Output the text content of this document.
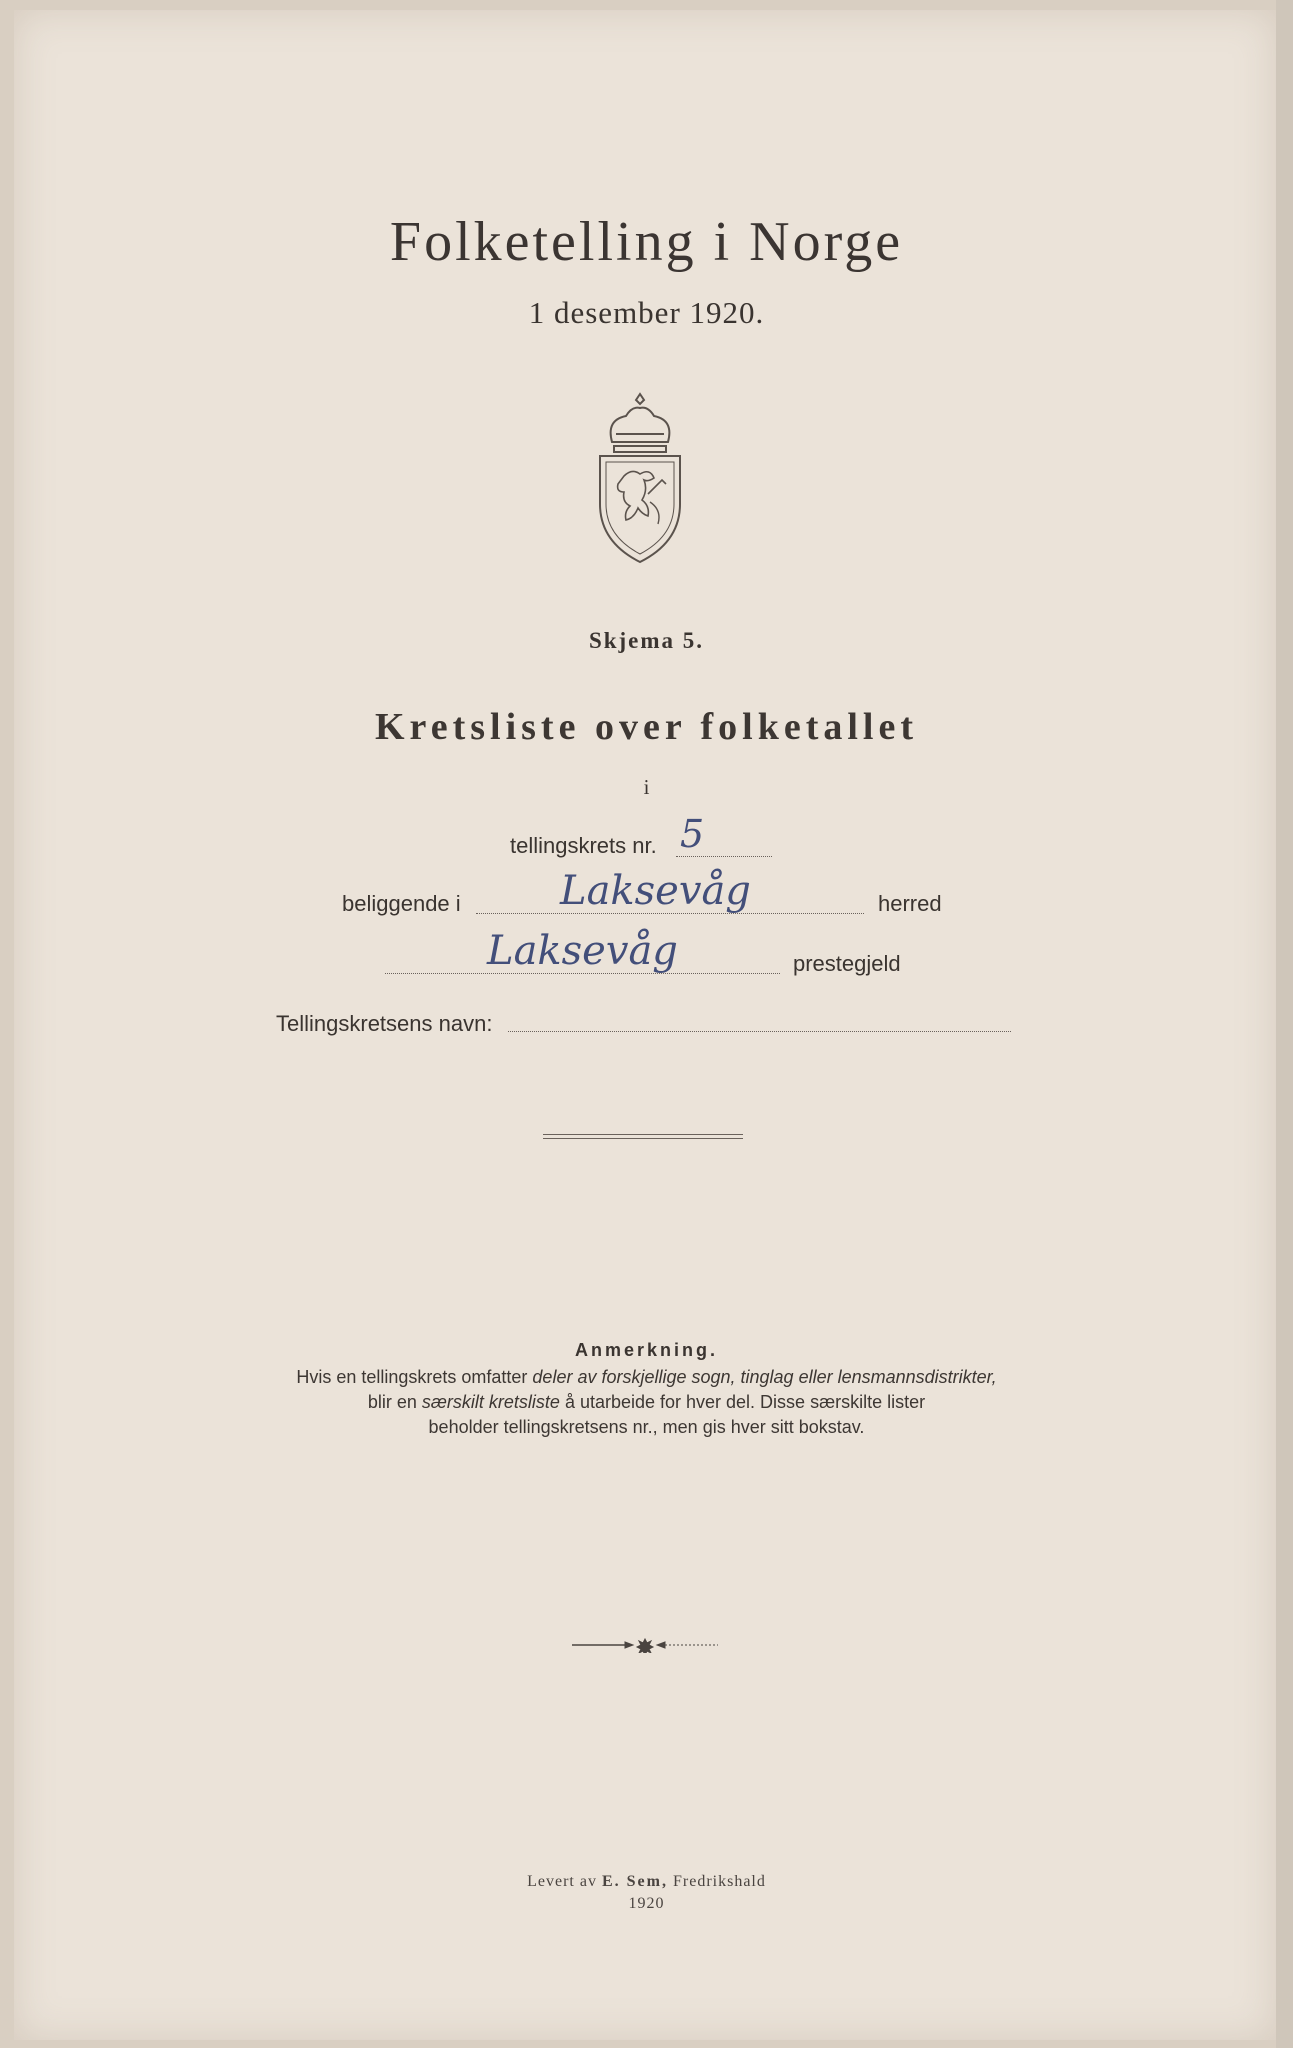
Folketelling i Norge
1 desember 1920.
Skjema 5.
Kretsliste over folketallet
i
tellingskrets nr. 5
beliggende i Laksevåg	herred
Laksevåg	prestegjeld
Tellingskretsens navn:
Anmerkning.
Hvis en tellingskrets omfatter deler av forskjellige sogn, tinglag eller lensmannsdistrikter,
blir en særskilt kretsliste å utarbeide for hver del. Disse særskilte lister
beholder tellingskretsens nr., men gis hver sitt bokstav.
Levert av E. Sem, Fredrikshald
1920
